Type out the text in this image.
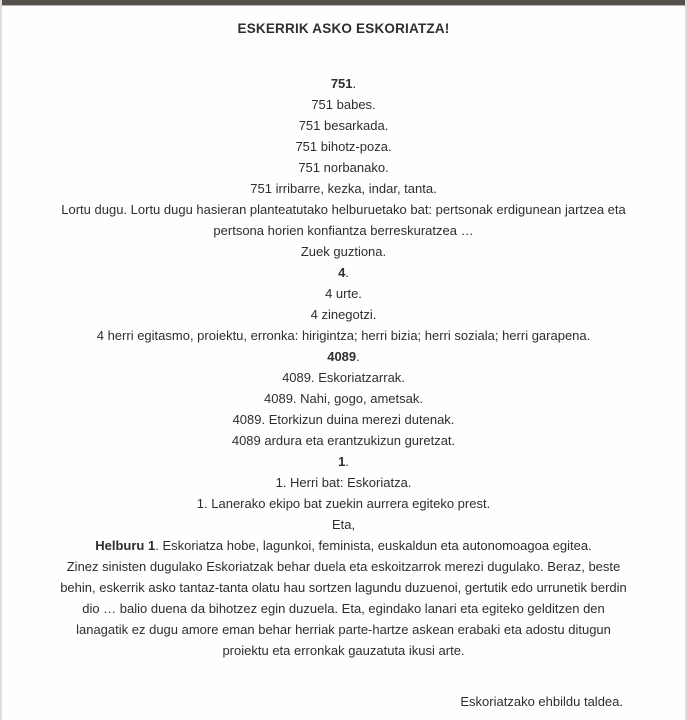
ESKERRIK ASKO ESKORIATZA!

751.

751 babes.

751 besarkada.

751 bihotz-poza.

751 norbanako.

751 irribarre, kezka, indar, tanta.

Lortu dugu. Lortu dugu hasieran planteatutako helburuetako bat: pertsonak erdigunean jartzea eta

pertsona horien konfiantza berreskuratzea …

Zuek guztiona.

4.

4 urte.

4 zinegotzi.

4 herri egitasmo, proiektu, erronka: hirigintza; herri bizia; herri soziala; herri garapena.

4089.

4089. Eskoriatzarrak.

4089. Nahi, gogo, ametsak.

4089. Etorkizun duina merezi dutenak.

4089 ardura eta erantzukizun guretzat.

1.

1. Herri bat: Eskoriatza.

1. Lanerako ekipo bat zuekin aurrera egiteko prest.

Eta,

Helburu 1. Eskoriatza hobe, lagunkoi, feminista, euskaldun eta autonomoagoa egitea.

Zinez sinisten dugulako Eskoriatzak behar duela eta eskoitzarrok merezi dugulako. Beraz, beste

behin, eskerrik asko tantaz-tanta olatu hau sortzen lagundu duzuenoi, gertutik edo urrunetik berdin

dio … balio duena da bihotzez egin duzuela. Eta, egindako lanari eta egiteko gelditzen den

lanagatik ez dugu amore eman behar herriak parte-hartze askean erabaki eta adostu ditugun

proiektu eta erronkak gauzatuta ikusi arte.

Eskoriatzako ehbildu taldea.
